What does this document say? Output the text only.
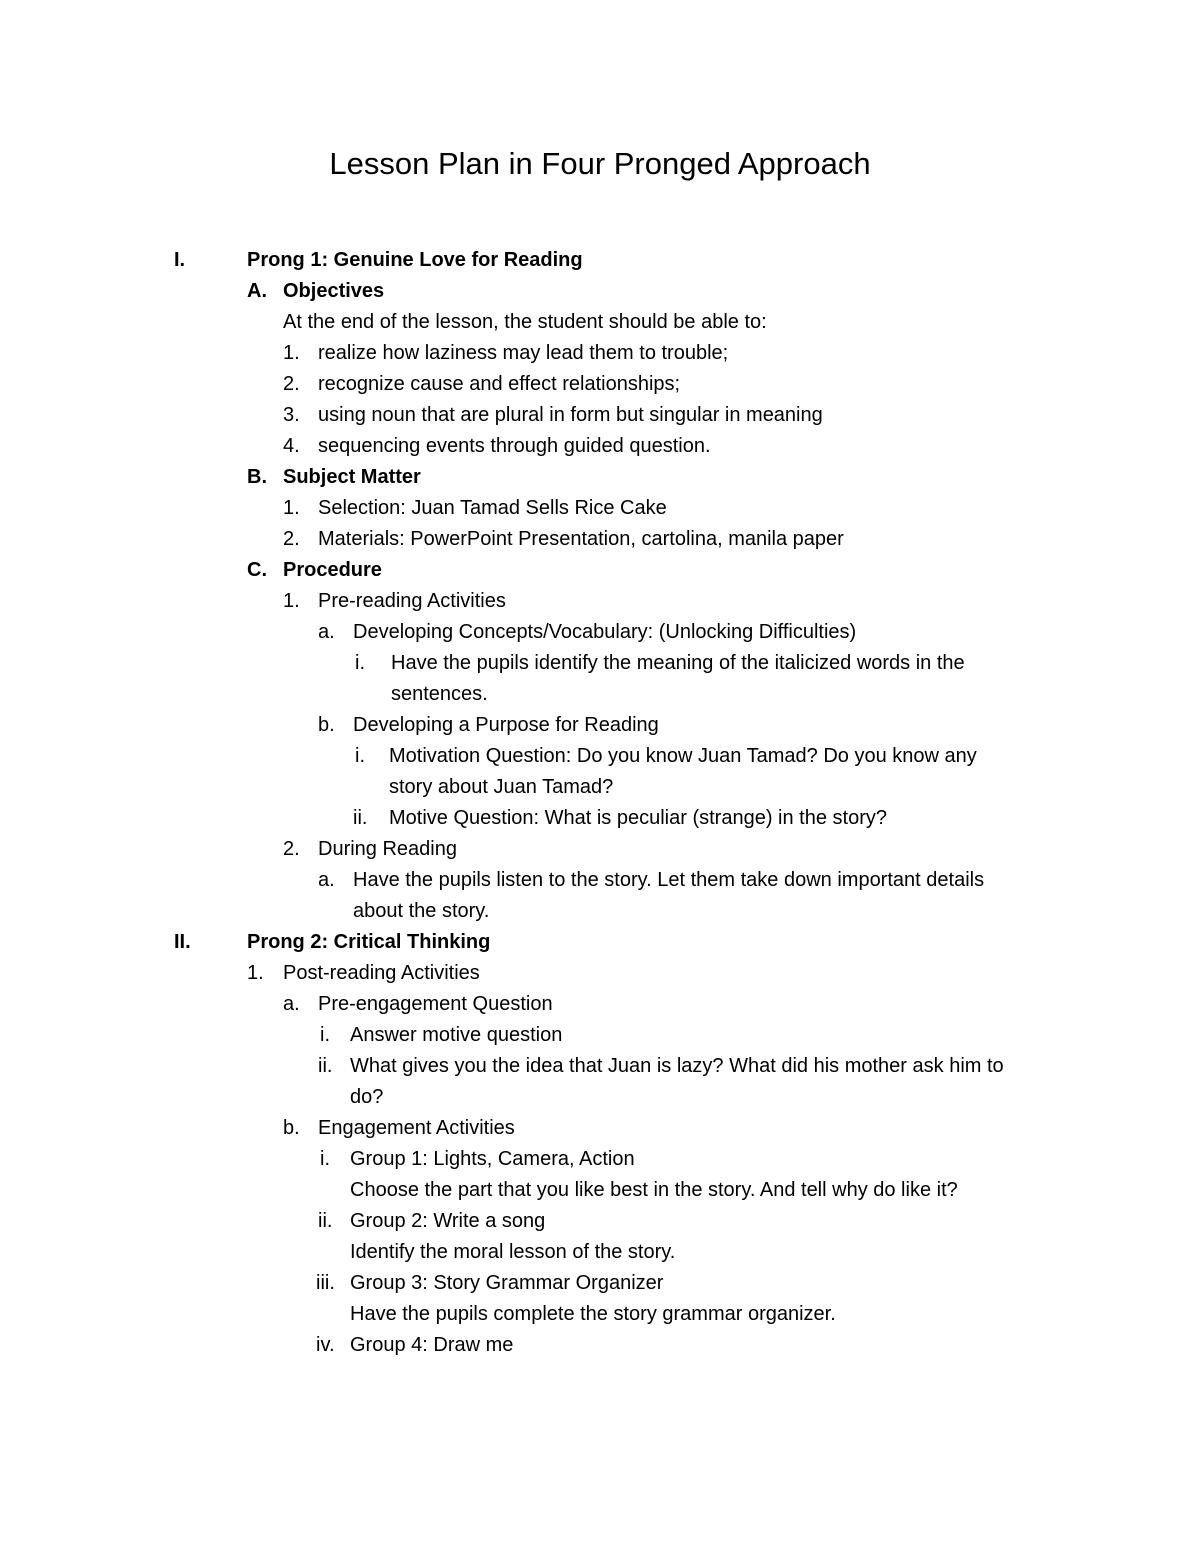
Lesson Plan in Four Pronged Approach
I.	Prong 1: Genuine Love for Reading
A. Objectives
At the end of the lesson, the student should be able to:
1. realize how laziness may lead them to trouble;
2. recognize cause and effect relationships;
3. using noun that are plural in form but singular in meaning
4. sequencing events through guided question.
B. Subject Matter
1. Selection: Juan Tamad Sells Rice Cake
2. Materials: PowerPoint Presentation, cartolina, manila paper
C. Procedure
1. Pre-reading Activities
a. Developing Concepts/Vocabulary: (Unlocking Difficulties)
i. Have the pupils identify the meaning of the italicized words in the
sentences.
b. Developing a Purpose for Reading
i. Motivation Question: Do you know Juan Tamad? Do you know any
story about Juan Tamad?
ii. Motive Question: What is peculiar (strange) in the story?
2. During Reading
a. Have the pupils listen to the story. Let them take down important details
about the story.
II.	Prong 2: Critical Thinking
1. Post-reading Activities
a. Pre-engagement Question
i. Answer motive question
ii. What gives you the idea that Juan is lazy? What did his mother ask him to
do?
b. Engagement Activities
i. Group 1: Lights, Camera, Action
Choose the part that you like best in the story. And tell why do like it?
ii. Group 2: Write a song
Identify the moral lesson of the story.
iii. Group 3: Story Grammar Organizer
Have the pupils complete the story grammar organizer.
iv. Group 4: Draw me
